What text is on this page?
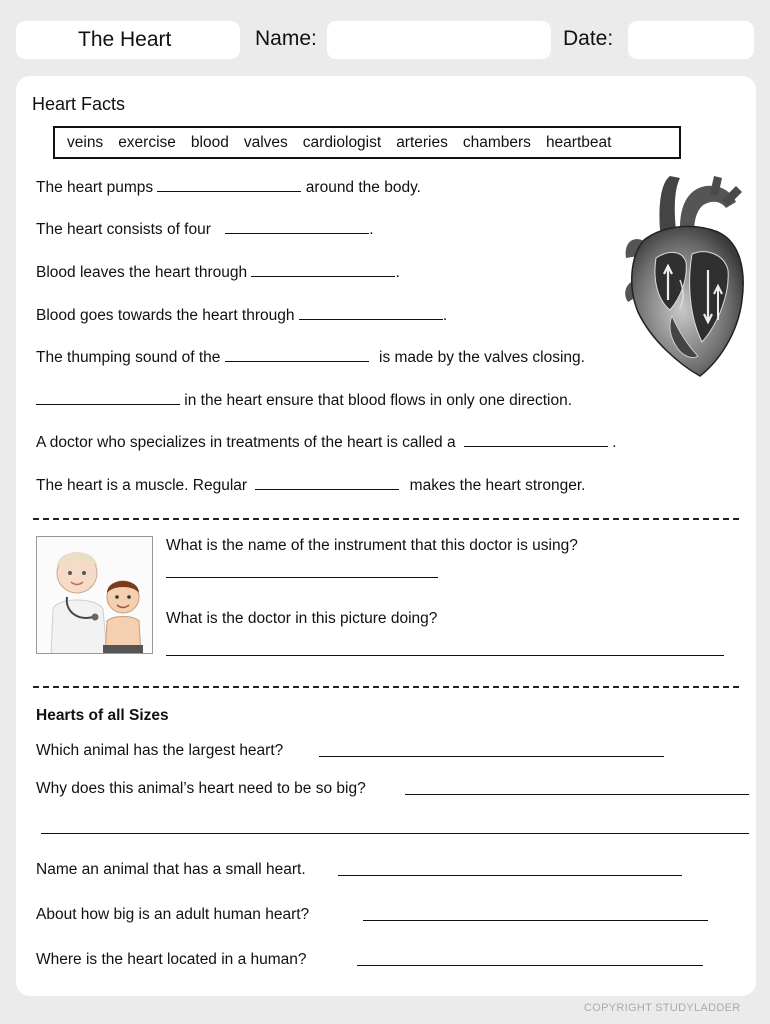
The Heart	Name:	Date:
Heart Facts
veins exercise blood valves cardiologist arteries chambers heartbeat
The heart pumps	around the body.
The heart consists of four	.
Blood leaves the heart through	.
Blood goes towards the heart through	.
The thumping sound of the	is made by the valves closing.
in the heart ensure that blood flows in only one direction.
A doctor who specializes in treatments of the heart is called a	.
The heart is a muscle. Regular	makes the heart stronger.
What is the name of the instrument that this doctor is using?
What is the doctor in this picture doing?
Hearts of all Sizes
Which animal has the largest heart?
Why does this animal’s heart need to be so big?
Name an animal that has a small heart.
About how big is an adult human heart?
Where is the heart located in a human?
COPYRIGHT STUDYLADDER
